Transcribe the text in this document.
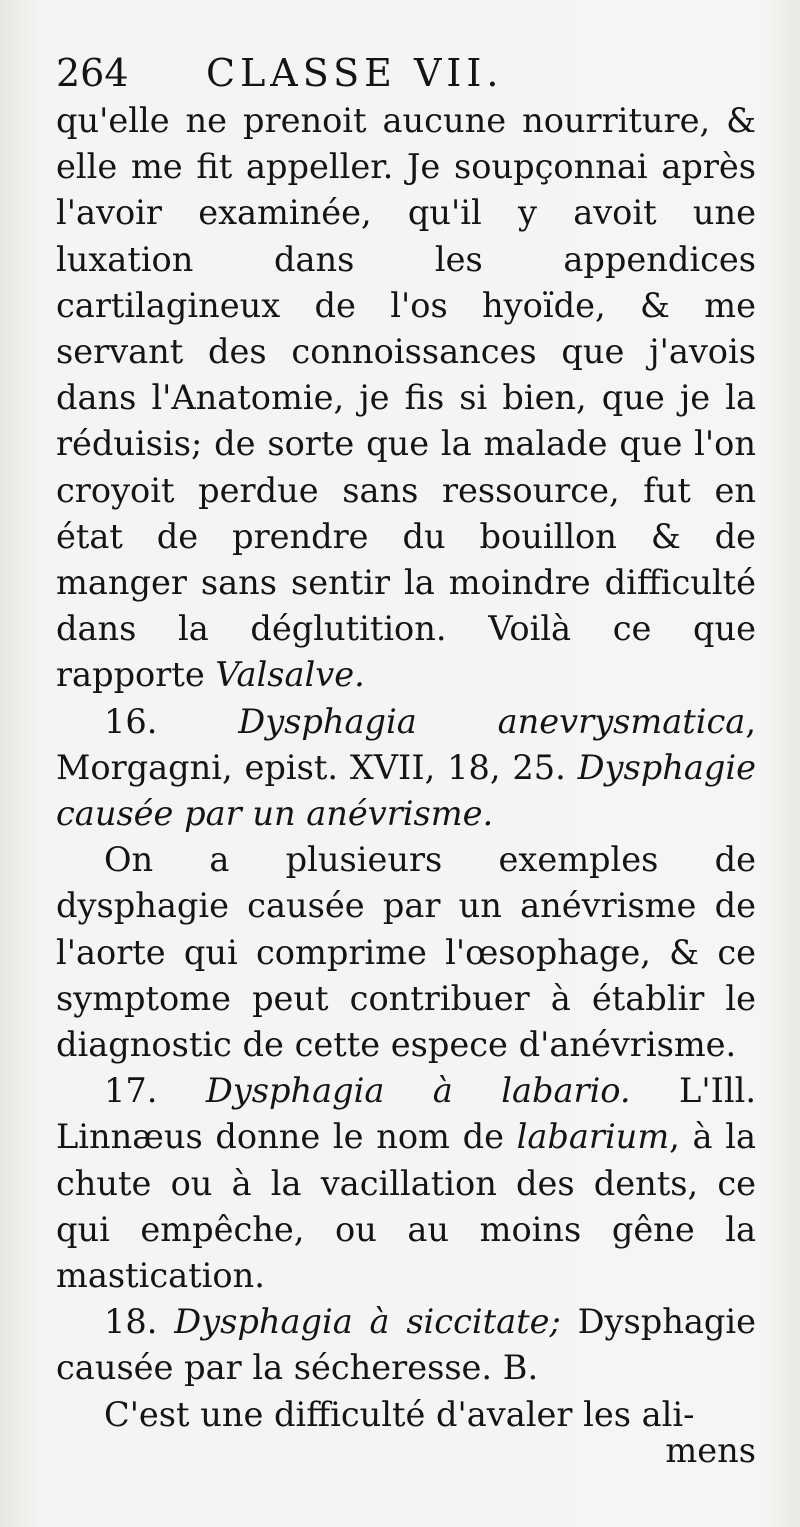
264	CLASSE VII.

qu'elle ne prenoit aucune nourriture, & elle me fit appeller. Je soupçonnai après l'avoir examinée, qu'il y avoit une luxation dans les appendices cartilagineux de l'os hyoïde, & me servant des connoissances que j'avois dans l'Anatomie, je fis si bien, que je la réduisis; de sorte que la malade que l'on croyoit perdue sans ressource, fut en état de prendre du bouillon & de manger sans sentir la moindre difficulté dans la déglutition. Voilà ce que rapporte Valsalve.

16. Dysphagia anevrysmatica, Morgagni, epist. XVII, 18, 25. Dysphagie causée par un anévrisme.

On a plusieurs exemples de dysphagie causée par un anévrisme de l'aorte qui comprime l'œsophage, & ce symptome peut contribuer à établir le diagnostic de cette espece d'anévrisme.

17. Dysphagia à labario. L'Ill. Linnæus donne le nom de labarium, à la chute ou à la vacillation des dents, ce qui empêche, ou au moins gêne la mastication.

18. Dysphagia à siccitate; Dysphagie causée par la sécheresse. B.

C'est une difficulté d'avaler les ali-

mens
